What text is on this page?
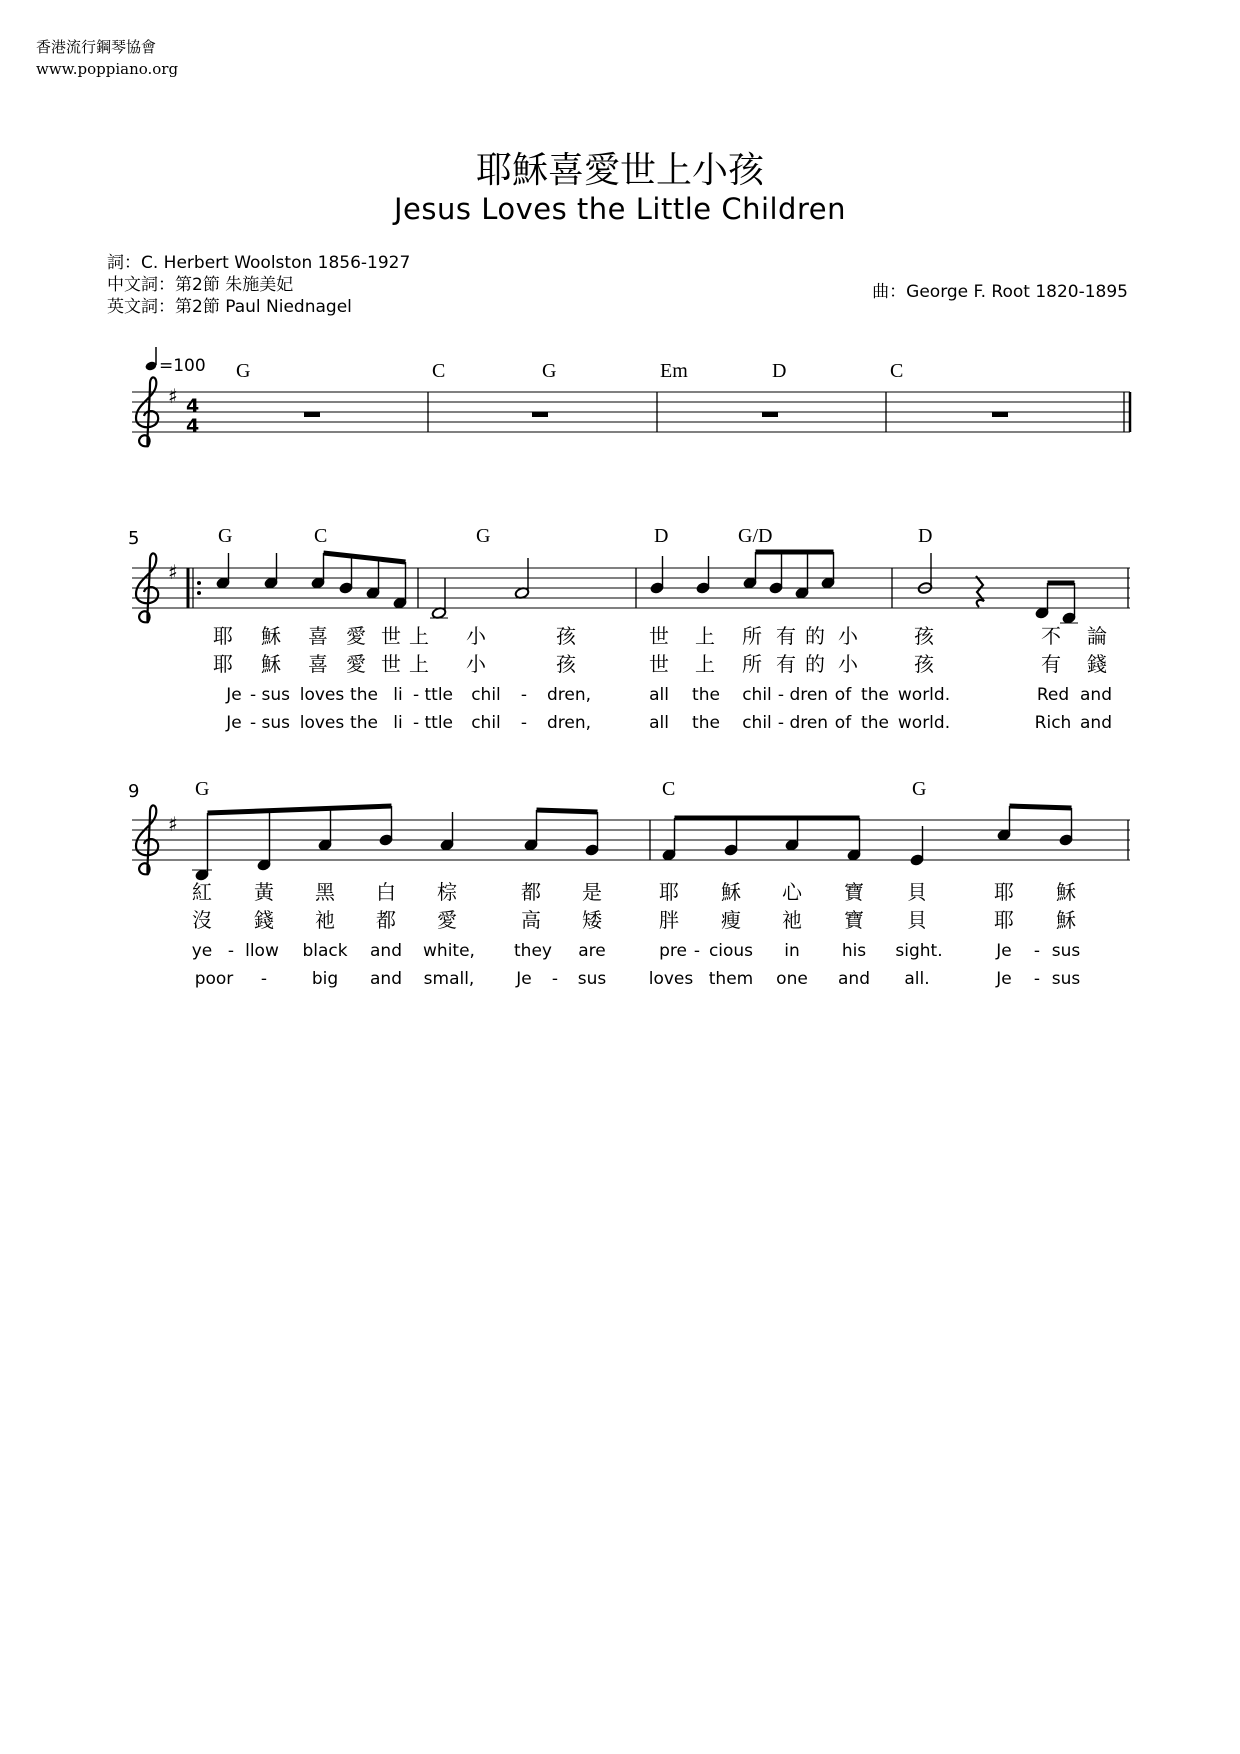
香港流行鋼琴協會
www.poppiano.org
耶穌喜愛世上小孩
Jesus Loves the Little Children
詞：C. Herbert Woolston 1856-1927
中文詞：第2節 朱施美妃
英文詞：第2節 Paul Niednagel
曲：George F. Root 1820-1895
=100 G	C	G	Em	D	C
♯ 4
4
5	G	C	G	D	G/D	D
♯
耶 穌 喜 愛 世 上 小	孩	世 上 所 有 的 小	孩	不 論
耶 穌 喜 愛 世 上 小	孩	世 上 所 有 的 小	孩	有 錢
Je - sus loves the li - ttle chil - dren,	all the chil - dren of the world.	Red and
Je - sus loves the li - ttle chil - dren,	all the chil - dren of the world.	Rich and
9	G	C	G
♯
紅 黃 黑 白 棕	都 是	耶 穌 心 寶 貝	耶 穌
沒 錢 祂 都 愛	高 矮	胖 瘦 祂 寶 貝	耶 穌
ye - llow black and white, they are	pre - cious in his sight.	Je - sus
poor -	big and small, Je - sus loves them one and all.	Je - sus
